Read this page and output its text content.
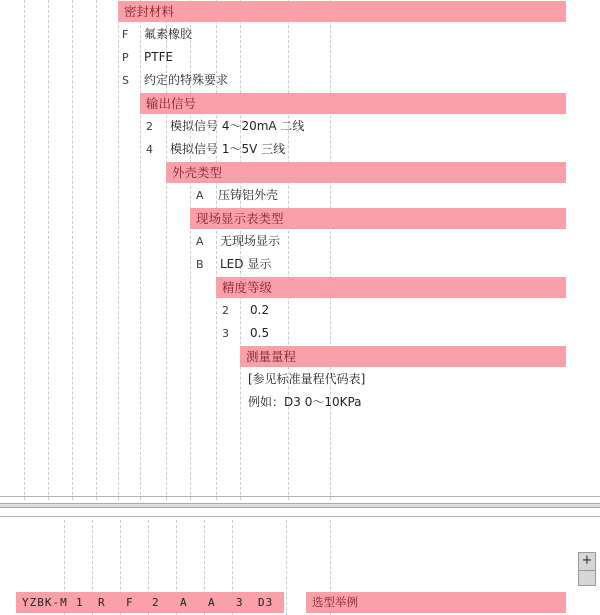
密封材料
F 氟素橡胶
P PTFE
S 约定的特殊要求
输出信号
2 模拟信号 4～20mA 二线
4 模拟信号 1～5V 三线
外壳类型
A 压铸铝外壳
现场显示表类型
A 无现场显示
B LED 显示
精度等级
2 0.2
3 0.5
测量量程
[参见标准量程代码表]
例如：D3 0～10KPa
YZBK-M 1 R F 2 A A 3 D3	选型举例
+
